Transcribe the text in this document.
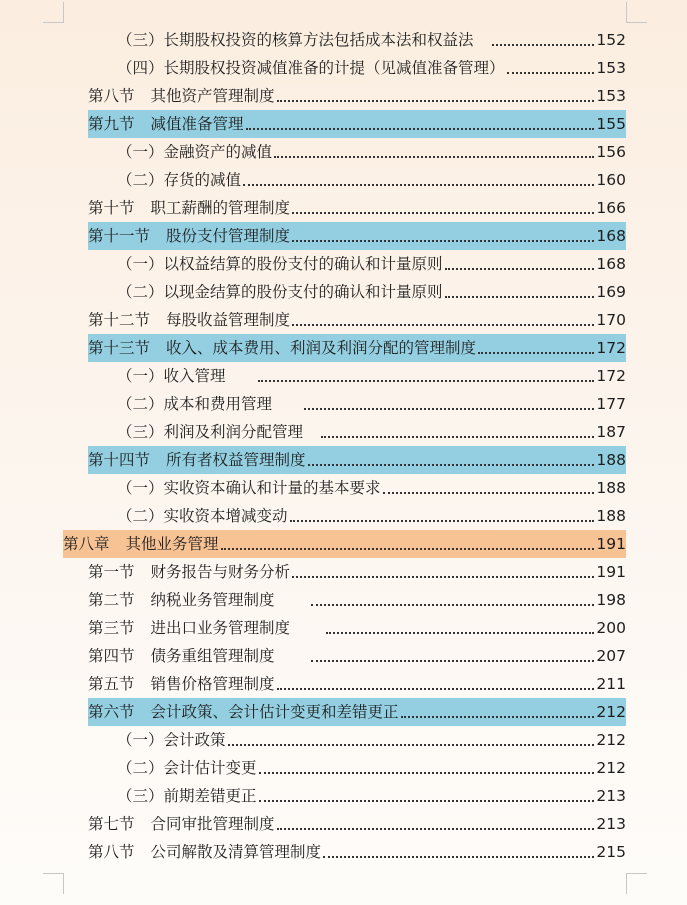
（三）长期股权投资的核算方法包括成本法和权益法	152
（四）长期股权投资减值准备的计提（见减值准备管理）	153
第八节 其他资产管理制度	153
第九节 减值准备管理	155
（一）金融资产的减值	156
（二）存货的减值	160
第十节 职工薪酬的管理制度	166
第十一节 股份支付管理制度	168
（一）以权益结算的股份支付的确认和计量原则	168
（二）以现金结算的股份支付的确认和计量原则	169
第十二节 每股收益管理制度	170
第十三节 收入、成本费用、利润及利润分配的管理制度	172
（一）收入管理	172
（二）成本和费用管理	177
（三）利润及利润分配管理	187
第十四节 所有者权益管理制度	188
（一）实收资本确认和计量的基本要求	188
（二）实收资本增减变动	188
第八章 其他业务管理	191
第一节 财务报告与财务分析	191
第二节 纳税业务管理制度	198
第三节 进出口业务管理制度	200
第四节 债务重组管理制度	207
第五节 销售价格管理制度	211
第六节 会计政策、会计估计变更和差错更正	212
（一）会计政策	212
（二）会计估计变更	212
（三）前期差错更正	213
第七节 合同审批管理制度	213
第八节 公司解散及清算管理制度	215
